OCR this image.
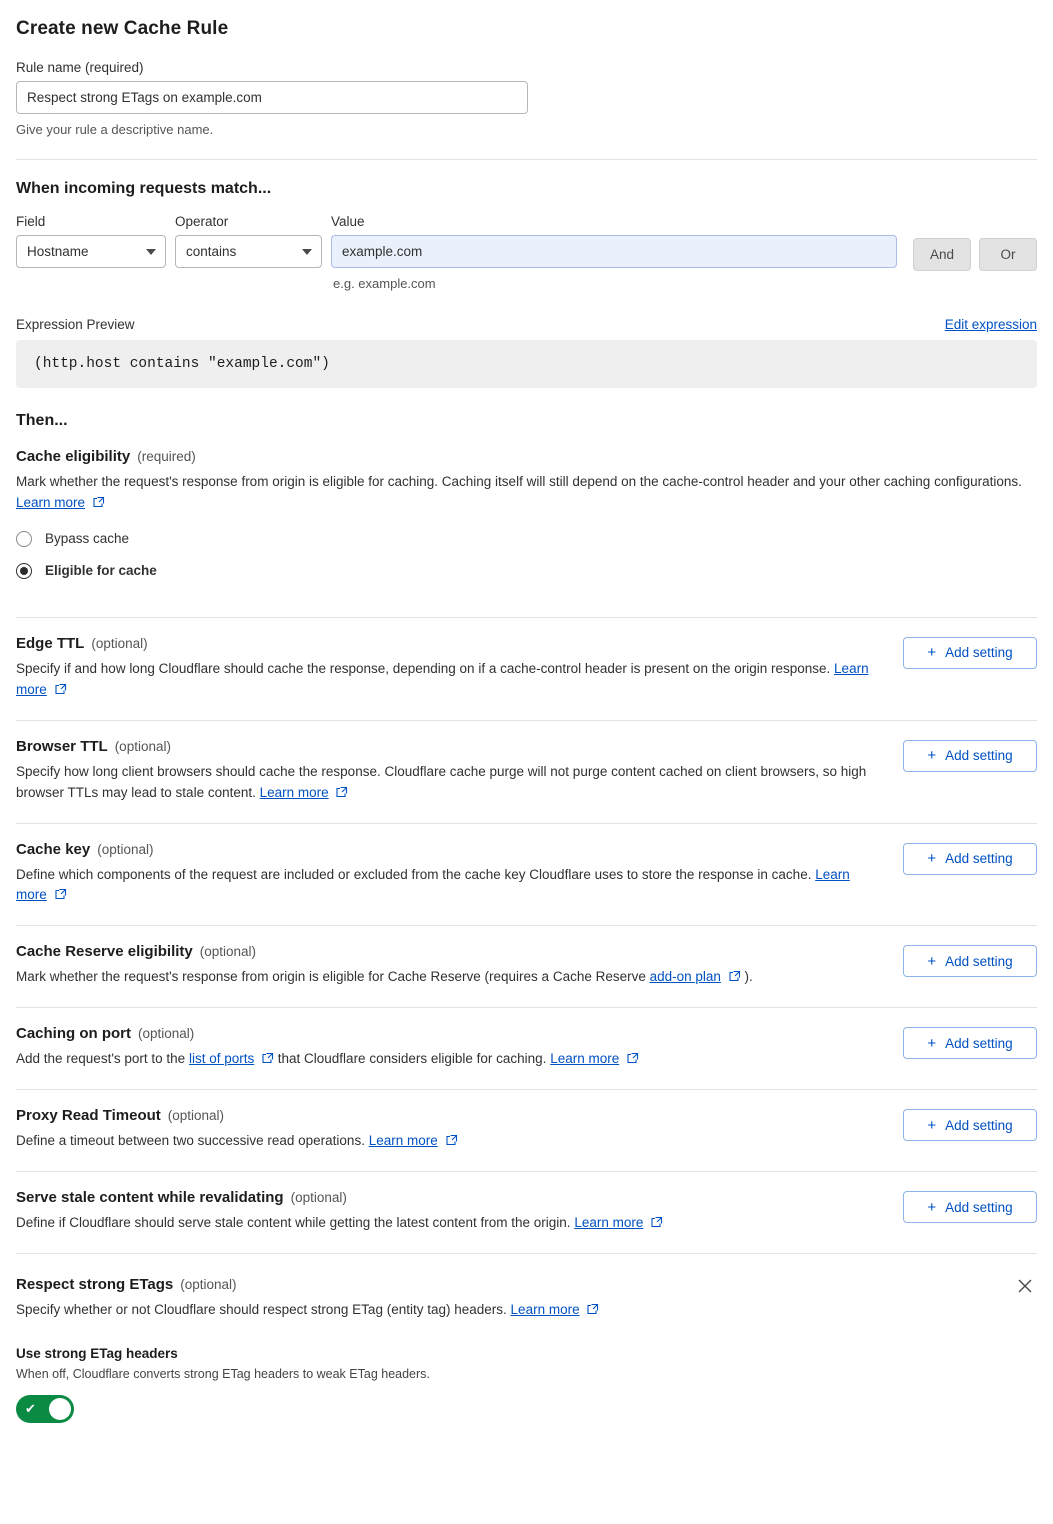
Create new Cache Rule
Rule name (required)
Respect strong ETags on example.com
Give your rule a descriptive name.
When incoming requests match...
Field
Hostname
Operator
contains
Value
example.com
e.g. example.com
And	Or
Expression Preview	Edit expression
(http.host contains "example.com")
Then...
Cache eligibility (required)
Mark whether the request's response from origin is eligible for caching. Caching itself will still depend on the cache-control header and your other caching configurations. Learn more
Bypass cache
Eligible for cache
Edge TTL (optional)
Specify if and how long Cloudflare should cache the response, depending on if a cache-control header is present on the origin response. Learn more
+ Add setting
Browser TTL (optional)
Specify how long client browsers should cache the response. Cloudflare cache purge will not purge content cached on client browsers, so high browser TTLs may lead to stale content. Learn more
+ Add setting
Cache key (optional)
Define which components of the request are included or excluded from the cache key Cloudflare uses to store the response in cache. Learn more
+ Add setting
Cache Reserve eligibility (optional)
Mark whether the request's response from origin is eligible for Cache Reserve (requires a Cache Reserve add-on plan ).
+ Add setting
Caching on port (optional)
Add the request's port to the list of ports that Cloudflare considers eligible for caching. Learn more
+ Add setting
Proxy Read Timeout (optional)
Define a timeout between two successive read operations. Learn more
+ Add setting
Serve stale content while revalidating (optional)
Define if Cloudflare should serve stale content while getting the latest content from the origin. Learn more
+ Add setting
Respect strong ETags (optional)
Specify whether or not Cloudflare should respect strong ETag (entity tag) headers. Learn more
Use strong ETag headers
When off, Cloudflare converts strong ETag headers to weak ETag headers.
✔
